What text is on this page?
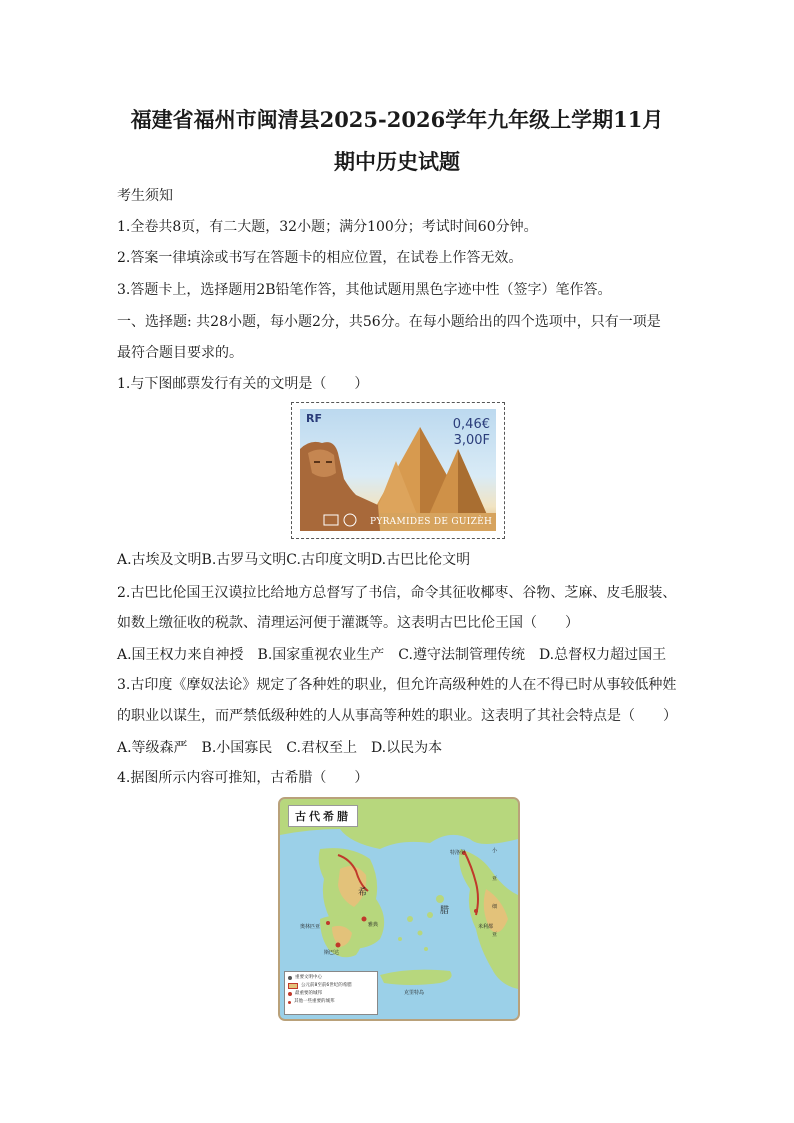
福建省福州市闽清县2025-2026学年九年级上学期11月
期中历史试题
考生须知
1.全卷共8页，有二大题，32小题；满分100分；考试时间60分钟。
2.答案一律填涂或书写在答题卡的相应位置，在试卷上作答无效。
3.答题卡上，选择题用2B铅笔作答，其他试题用黑色字迹中性（签字）笔作答。
一、选择题: 共28小题，每小题2分，共56分。在每小题给出的四个选项中，只有一项是
最符合题目要求的。
1.与下图邮票发行有关的文明是（　　）
RF	0,46€
3,00F
PYRAMIDES DE GUIZÈH
A.古埃及文明B.古罗马文明C.古印度文明D.古巴比伦文明
2.古巴比伦国王汉谟拉比给地方总督写了书信，命令其征收椰枣、谷物、芝麻、皮毛服装、
如数上缴征收的税款、清理运河便于灌溉等。这表明古巴比伦王国（　　）
A.国王权力来自神授　B.国家重视农业生产　C.遵守法制管理传统　D.总督权力超过国王
3.古印度《摩奴法论》规定了各种姓的职业，但允许高级种姓的人在不得已时从事较低种姓
的职业以谋生，而严禁低级种姓的人从事高等种姓的职业。这表明了其社会特点是（　　）
A.等级森严　B.小国寡民　C.君权至上　D.以民为本
4.据图所示内容可推知，古希腊（　　）
古代希腊
希
腊
特洛伊	小
亚
细
亚
克里特岛
奥林匹亚
斯巴达
雅典	米利都
重要文明中心
公元前8至前6世纪的希腊
最重要的城邦
其他一些重要的城邦
